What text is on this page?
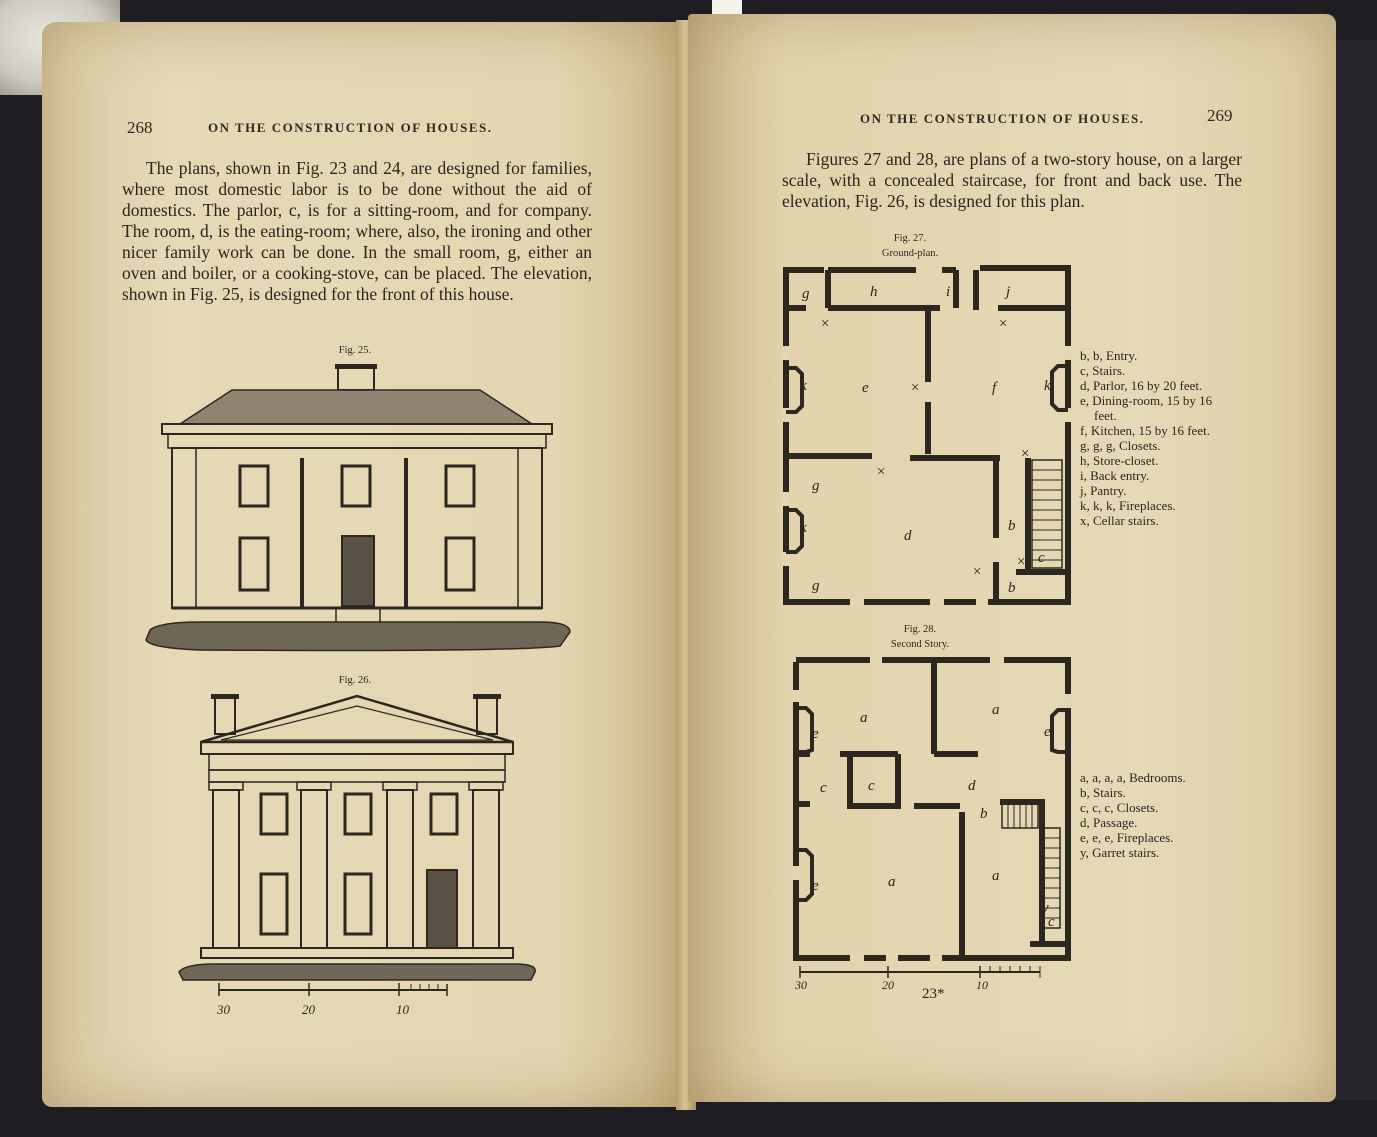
268	ON THE CONSTRUCTION OF HOUSES.
The plans, shown in Fig. 23 and 24, are designed for families, where most domestic labor is to be done without the aid of domestics. The parlor, c, is for a sitting-room, and for company. The room, d, is the eating-room; where, also, the ironing and other nicer family work can be done. In the small room, g, either an oven and boiler, or a cooking-stove, can be placed. The elevation, shown in Fig. 25, is designed for the front of this house.
Fig. 25.
Fig. 26.
30	20	10
ON THE CONSTRUCTION OF HOUSES.	269
Figures 27 and 28, are plans of a two-story house, on a larger scale, with a concealed staircase, for front and back use. The elevation, Fig. 26, is designed for this plan.
Fig. 27.
Ground-plan.
g	h	i	j
k	e	f	k
g
k	d
b
b
c
g
×	×
×
×
×
×
×
b, b, Entry.
c, Stairs.
d, Parlor, 16 by 20 feet.
e, Dining-room, 15 by 16
feet.
f, Kitchen, 15 by 16 feet.
g, g, g, Closets.
h, Store-closet.
i, Back entry.
j, Pantry.
k, k, k, Fireplaces.
x, Cellar stairs.
Fig. 28.
Second Story.
a	a
e	e
c	c	d
b
e	a	a
y
c
30	20	10
23*
a, a, a, a, Bedrooms.
b, Stairs.
c, c, c, Closets.
d, Passage.
e, e, e, Fireplaces.
y, Garret stairs.
